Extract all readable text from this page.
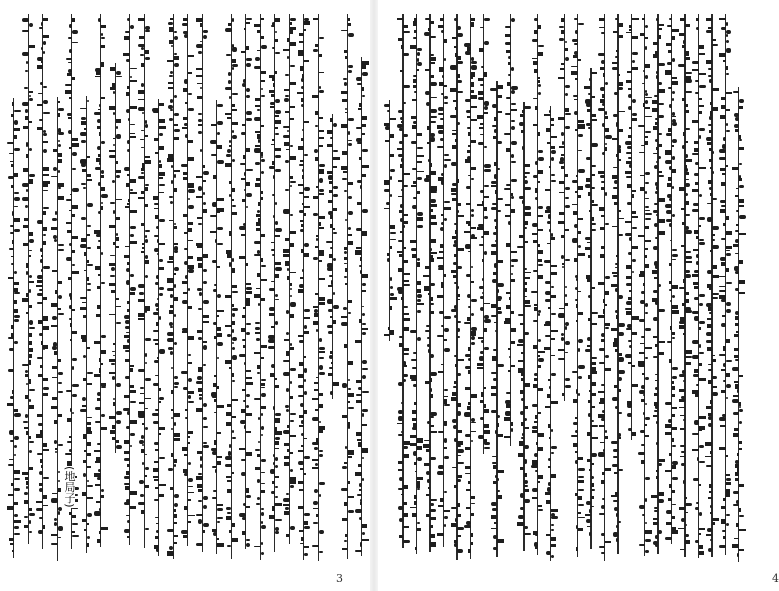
3	4
(地局子)
